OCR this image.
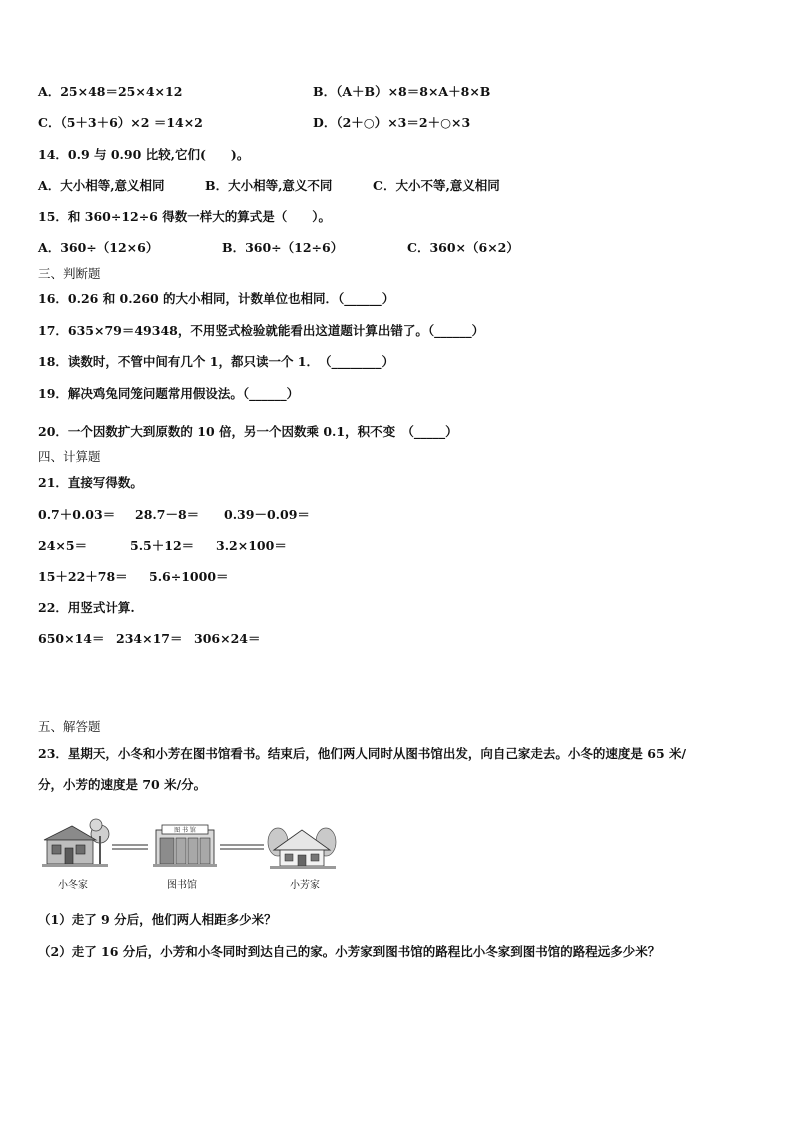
A．25×48＝25×4×12	B．（A＋B）×8＝8×A＋8×B
C．（5＋3＋6）×2 ＝14×2	D．（2＋○）×3＝2＋○×3
14．0.9 与 0.90 比较,它们(　　)。
A．大小相等,意义相同	B．大小相等,意义不同	C．大小不等,意义相同
15．和 360÷12÷6 得数一样大的算式是（　　）。
A．360÷（12×6）	B．360÷（12÷6）	C．360×（6×2）
三、判断题
16．0.26 和 0.260 的大小相同，计数单位也相同．（______）
17．635×79＝49348，不用竖式检验就能看出这道题计算出错了。（______）
18．读数时，不管中间有几个 1，都只读一个 1．　（________）
19．解决鸡兔同笼问题常用假设法。（______）
20．一个因数扩大到原数的 10 倍，另一个因数乘 0.1，积不变　（_____）
四、计算题
21．直接写得数。
0.7＋0.03＝ 28.7－8＝ 0.39－0.09＝
24×5＝	5.5＋12＝ 3.2×100＝
15＋22＋78＝ 5.6÷1000＝
22．用竖式计算.
650×14＝ 234×17＝ 306×24＝
五、解答题
23．星期天，小冬和小芳在图书馆看书。结束后，他们两人同时从图书馆出发，向自己家走去。小冬的速度是 65 米/
分，小芳的速度是 70 米/分。
图 书 馆
小冬家	图书馆	小芳家
（1）走了 9 分后，他们两人相距多少米？
（2）走了 16 分后，小芳和小冬同时到达自己的家。小芳家到图书馆的路程比小冬家到图书馆的路程远多少米？
